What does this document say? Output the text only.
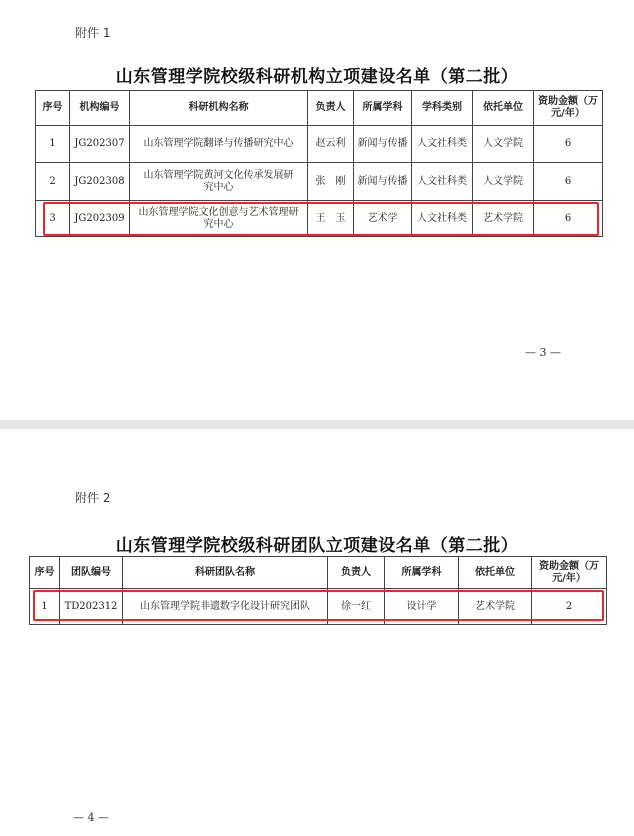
附件 1
山东管理学院校级科研机构立项建设名单（第二批）
序号	机构编号	科研机构名称	负责人	所属学科	学科类别	依托单位	资助金额（万元/年）
1	JG202307	山东管理学院翻译与传播研究中心	赵云利	新闻与传播	人文社科类	人文学院	6
2	JG202308	山东管理学院黄河文化传承发展研究中心	张　刚	新闻与传播	人文社科类	人文学院	6
3	JG202309	山东管理学院文化创意与艺术管理研究中心	王　玉	艺术学	人文社科类	艺术学院	6
— 3 —
附件 2
山东管理学院校级科研团队立项建设名单（第二批）
序号	团队编号	科研团队名称	负责人	所属学科	依托单位	资助金额（万元/年）
1	TD202312	山东管理学院非遗数字化设计研究团队	徐一红	设计学	艺术学院	2
— 4 —
